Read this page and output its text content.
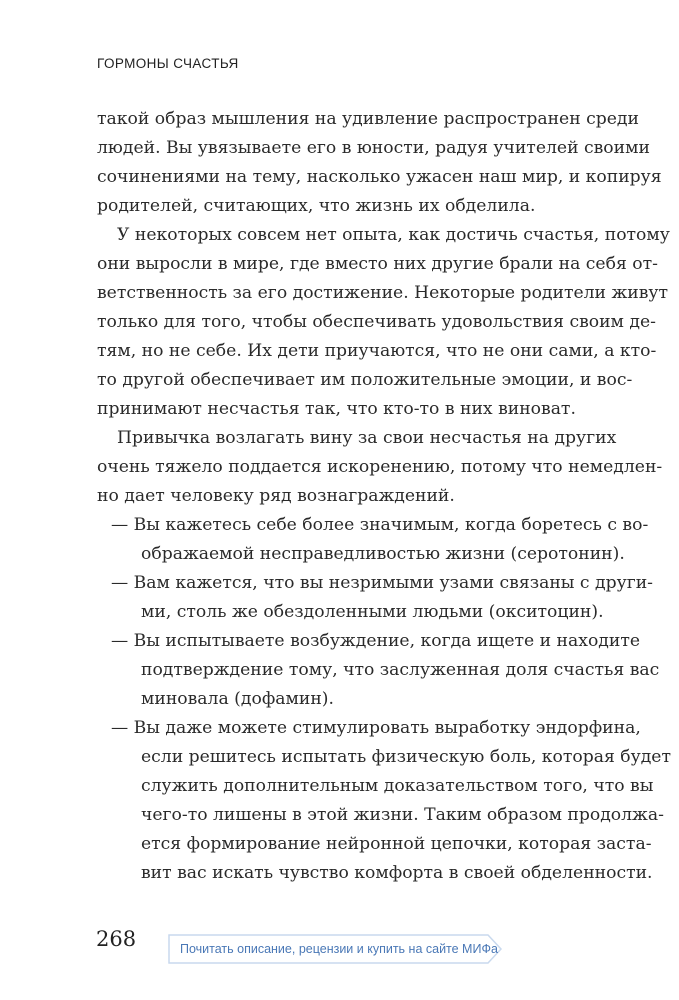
ГОРМОНЫ СЧАСТЬЯ
такой образ мышления на удивление распространен среди
людей. Вы увязываете его в юности, радуя учителей своими
сочинениями на тему, насколько ужасен наш мир, и копируя
родителей, считающих, что жизнь их обделила.
У некоторых совсем нет опыта, как достичь счастья, потому
они выросли в мире, где вместо них другие брали на себя от-
ветственность за его достижение. Некоторые родители живут
только для того, чтобы обеспечивать удовольствия своим де-
тям, но не себе. Их дети приучаются, что не они сами, а кто-
то другой обеспечивает им положительные эмоции, и вос-
принимают несчастья так, что кто-то в них виноват.
Привычка возлагать вину за свои несчастья на других
очень тяжело поддается искоренению, потому что немедлен-
но дает человеку ряд вознаграждений.
— Вы кажетесь себе более значимым, когда боретесь с во-
ображаемой несправедливостью жизни (серотонин).
— Вам кажется, что вы незримыми узами связаны с други-
ми, столь же обездоленными людьми (окситоцин).
— Вы испытываете возбуждение, когда ищете и находите
подтверждение тому, что заслуженная доля счастья вас
миновала (дофамин).
— Вы даже можете стимулировать выработку эндорфина,
если решитесь испытать физическую боль, которая будет
служить дополнительным доказательством того, что вы
чего-то лишены в этой жизни. Таким образом продолжа-
ется формирование нейронной цепочки, которая застa-
вит вас искать чувство комфорта в своей обделенности.
268	Почитать описание, рецензии и купить на сайте МИФа
